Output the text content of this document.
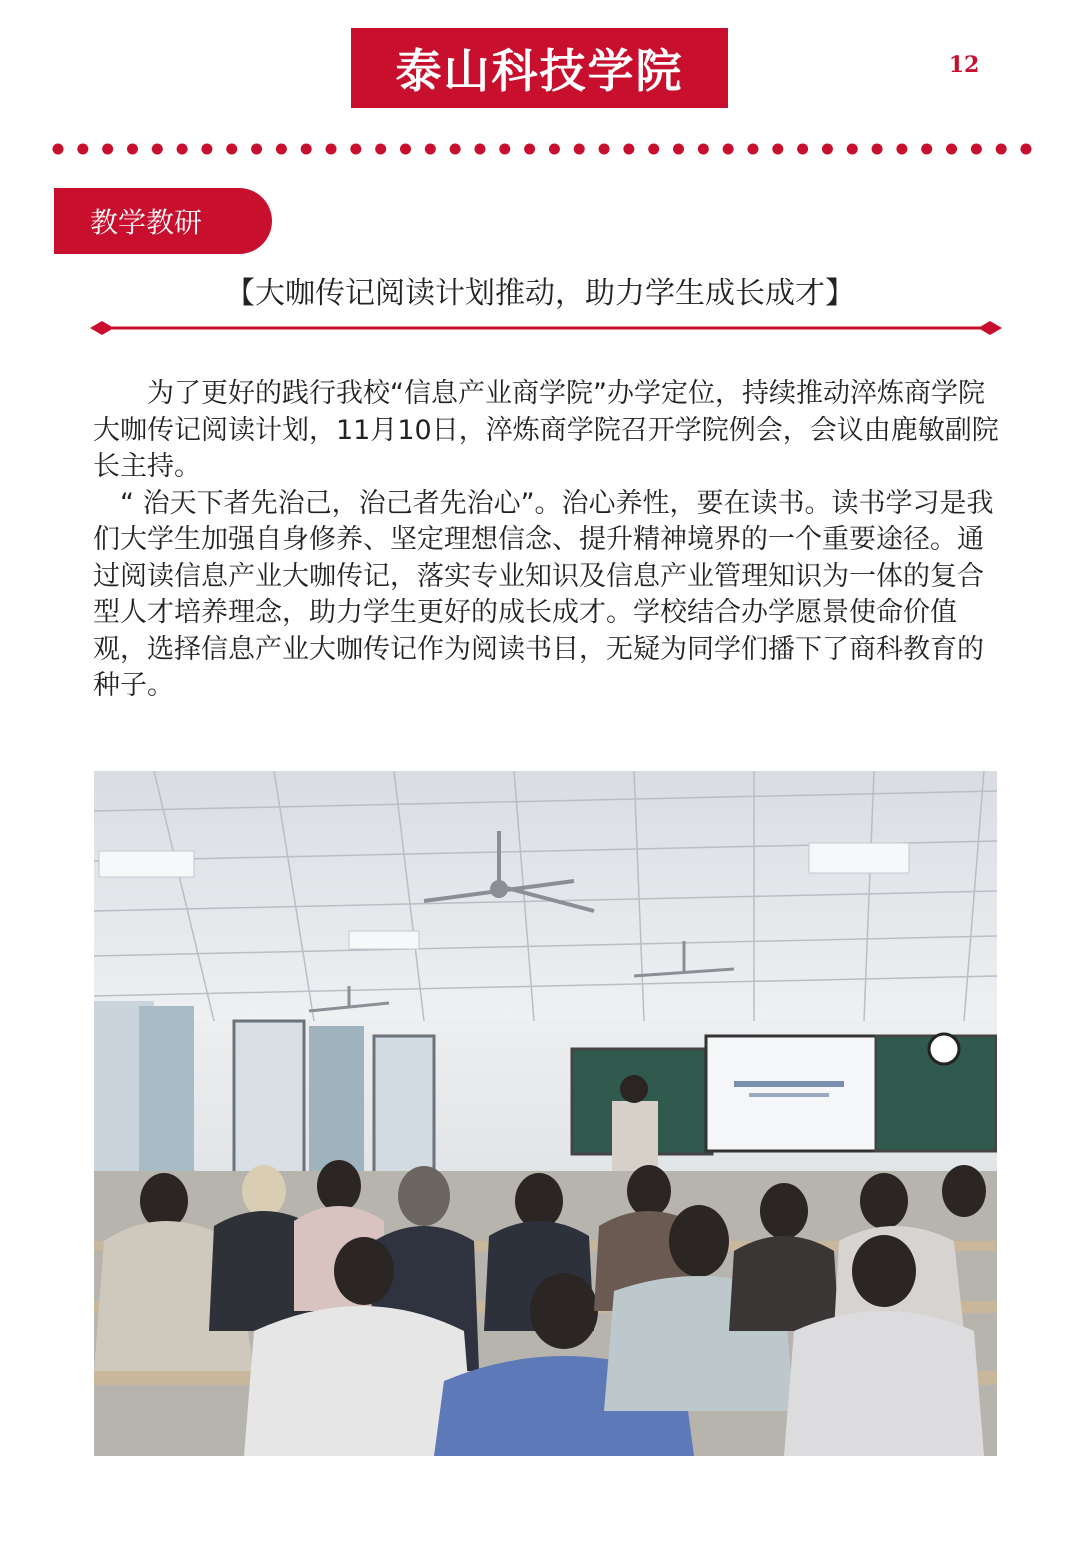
泰山科技学院	12
教学教研
【大咖传记阅读计划推动，助力学生成长成才】

　　为了更好的践行我校“信息产业商学院”办学定位，持续推动淬炼商学院大咖传记阅读计划，11月10日，淬炼商学院召开学院例会，会议由鹿敏副院长主持。

　“ 治天下者先治己，治己者先治心”。治心养性，要在读书。读书学习是我们大学生加强自身修养、坚定理想信念、提升精神境界的一个重要途径。通过阅读信息产业大咖传记，落实专业知识及信息产业管理知识为一体的复合型人才培养理念，助力学生更好的成长成才。学校结合办学愿景使命价值观，选择信息产业大咖传记作为阅读书目，无疑为同学们播下了商科教育的种子。
